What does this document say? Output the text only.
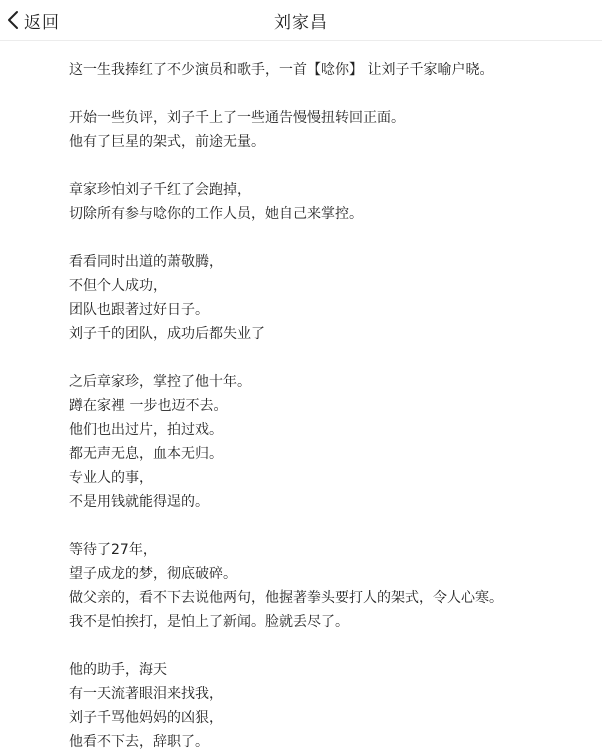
返回	刘家昌
这一生我捧红了不少演员和歌手，一首【唸你】 让刘子千家喻户晓。
开始一些负评，刘子千上了一些通告慢慢扭转回正面。
他有了巨星的架式，前途无量。
章家珍怕刘子千红了会跑掉，
切除所有参与唸你的工作人员，她自己来掌控。
看看同时出道的萧敬腾，
不但个人成功，
团队也跟著过好日子。
刘子千的团队，成功后都失业了
之后章家珍，掌控了他十年。
蹲在家裡 一步也迈不去。
他们也出过片，拍过戏。
都无声无息，血本无归。
专业人的事，
不是用钱就能得逞的。
等待了27年，
望子成龙的梦，彻底破碎。
做父亲的，看不下去说他两句，他握著拳头要打人的架式，令人心寒。
我不是怕挨打，是怕上了新闻。脸就丢尽了。
他的助手，海天
有一天流著眼泪来找我，
刘子千骂他妈妈的凶狠，
他看不下去，辞职了。
